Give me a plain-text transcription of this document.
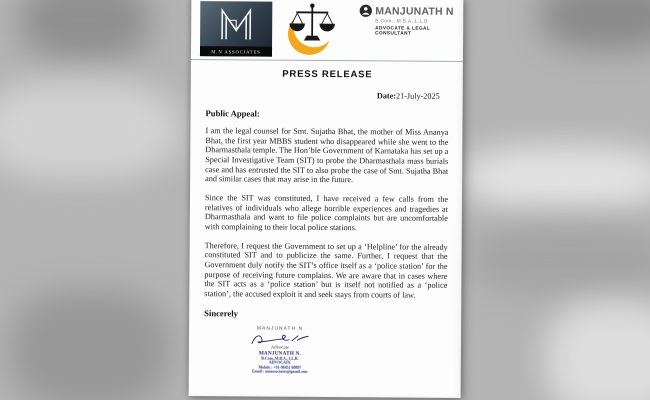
M.N ASSOCIATES
MANJUNATH N
B.Com., M.B.A, L.L.B
ADVOCATE & LEGAL CONSULTANT
PRESS RELEASE
Date:21-July-2025
Public Appeal:

I am the legal counsel for Smt. Sujatha Bhat, the mother of Miss Ananya Bhat, the first year MBBS student who disappeared while she went to the Dharmasthala temple. The Hon’ble Government of Karnataka has set up a Special Investigative Team (SIT) to probe the Dharmasthala mass burials case and has entrusted the SIT to also probe the case of Smt. Sujatha Bhat and similar cases that may arise in the future.

Since the SIT was constituted, I have received a few calls from the relatives of individuals who allege horrible experiences and tragedies at Dharmasthala and want to file police complaints but are uncomfortable with complaining to their local police stations.

Therefore, I request the Government to set up a ‘Helpline’ for the already constituted SIT and to publicize the same. Further, I request that the Government duly notify the SIT’s office itself as a ‘police station’ for the purpose of receiving future complains. We are aware that in cases where the SIT acts as a ‘police station’ but is itself not notified as a ‘police station’, the accused exploit it and seek stays from courts of law.

Sincerely
MANJUNATH N
Advocate
MANJUNATH N.
B.Com.,M.B.A., LL.B.
ADVOCATE
Mobile : +91-98451 68897
Email : mnassociates@gmail.com
